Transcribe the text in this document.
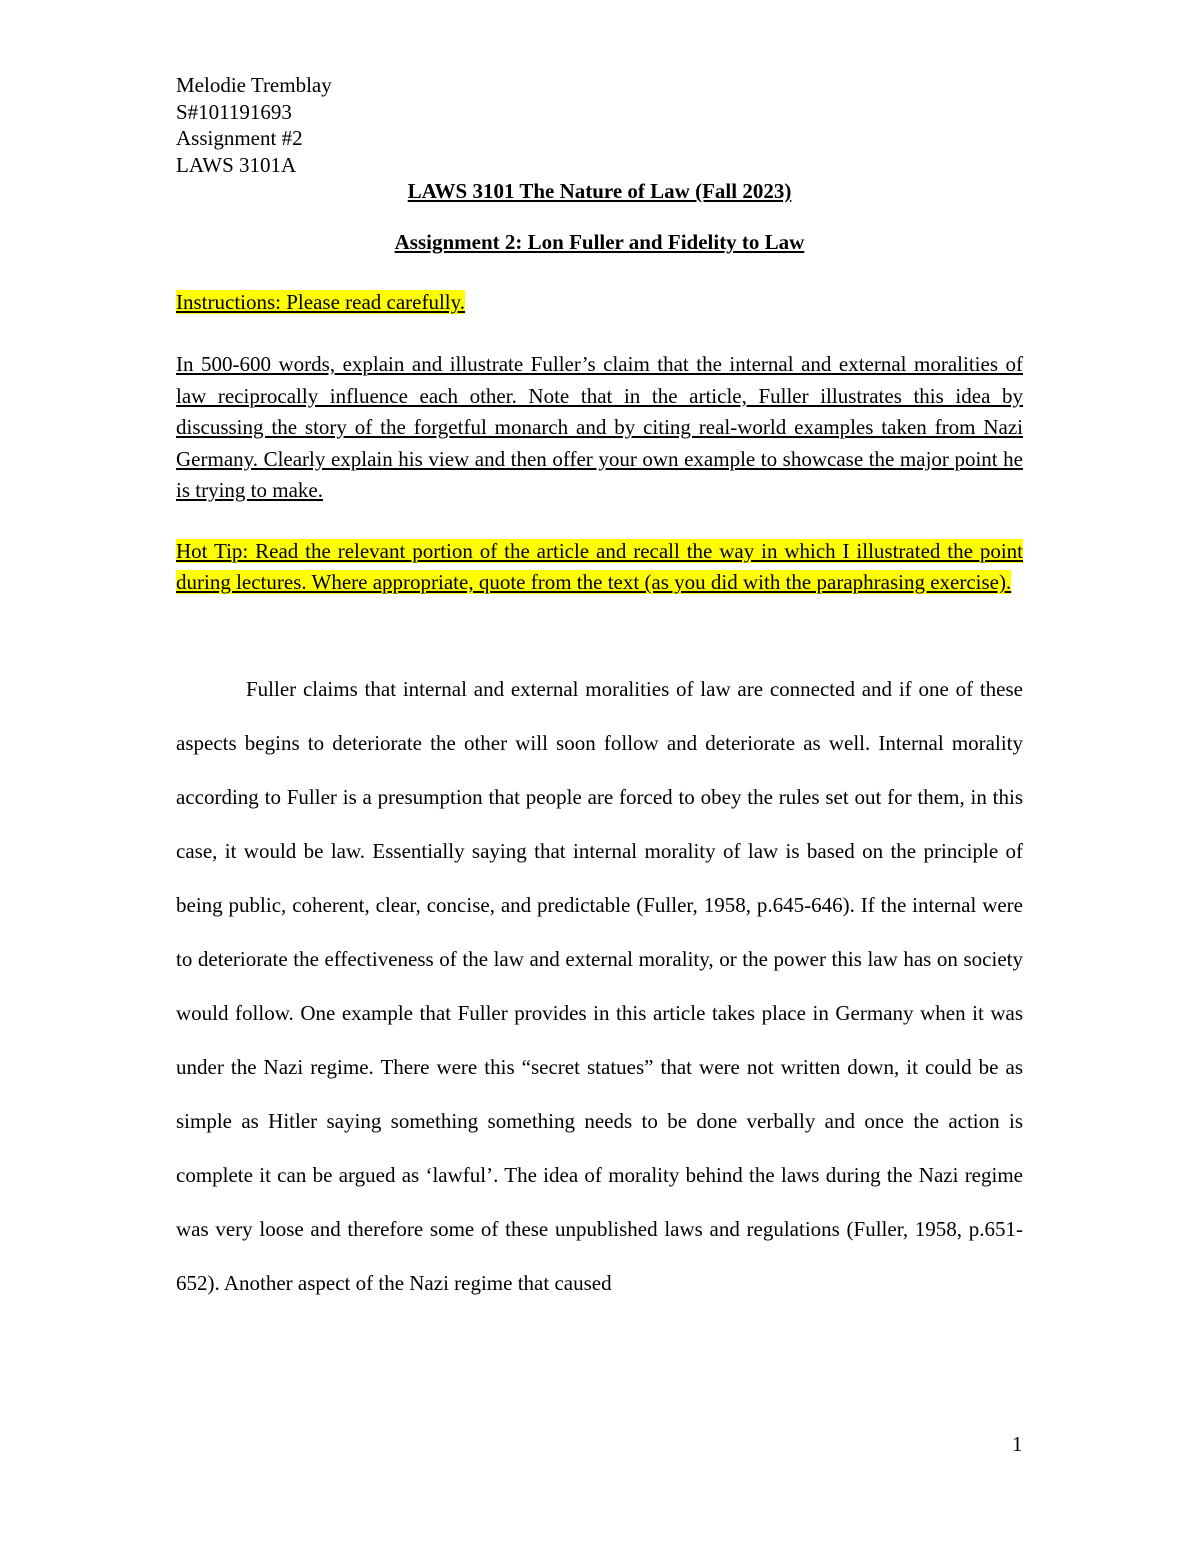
Melodie Tremblay

S#101191693

Assignment #2

LAWS 3101A

LAWS 3101 The Nature of Law (Fall 2023)

Assignment 2: Lon Fuller and Fidelity to Law

Instructions: Please read carefully.

In 500-600 words, explain and illustrate Fuller’s claim that the internal and external moralities of law reciprocally influence each other. Note that in the article, Fuller illustrates this idea by discussing the story of the forgetful monarch and by citing real-world examples taken from Nazi Germany. Clearly explain his view and then offer your own example to showcase the major point he is trying to make.

Hot Tip: Read the relevant portion of the article and recall the way in which I illustrated the point during lectures. Where appropriate, quote from the text (as you did with the paraphrasing exercise).

Fuller claims that internal and external moralities of law are connected and if one of these aspects begins to deteriorate the other will soon follow and deteriorate as well. Internal morality according to Fuller is a presumption that people are forced to obey the rules set out for them, in this case, it would be law. Essentially saying that internal morality of law is based on the principle of being public, coherent, clear, concise, and predictable (Fuller, 1958, p.645-646). If the internal were to deteriorate the effectiveness of the law and external morality, or the power this law has on society would follow. One example that Fuller provides in this article takes place in Germany when it was under the Nazi regime. There were this “secret statues” that were not written down, it could be as simple as Hitler saying something something needs to be done verbally and once the action is complete it can be argued as ‘lawful’. The idea of morality behind the laws during the Nazi regime was very loose and therefore some of these unpublished laws and regulations (Fuller, 1958, p.651-652). Another aspect of the Nazi regime that caused

1
